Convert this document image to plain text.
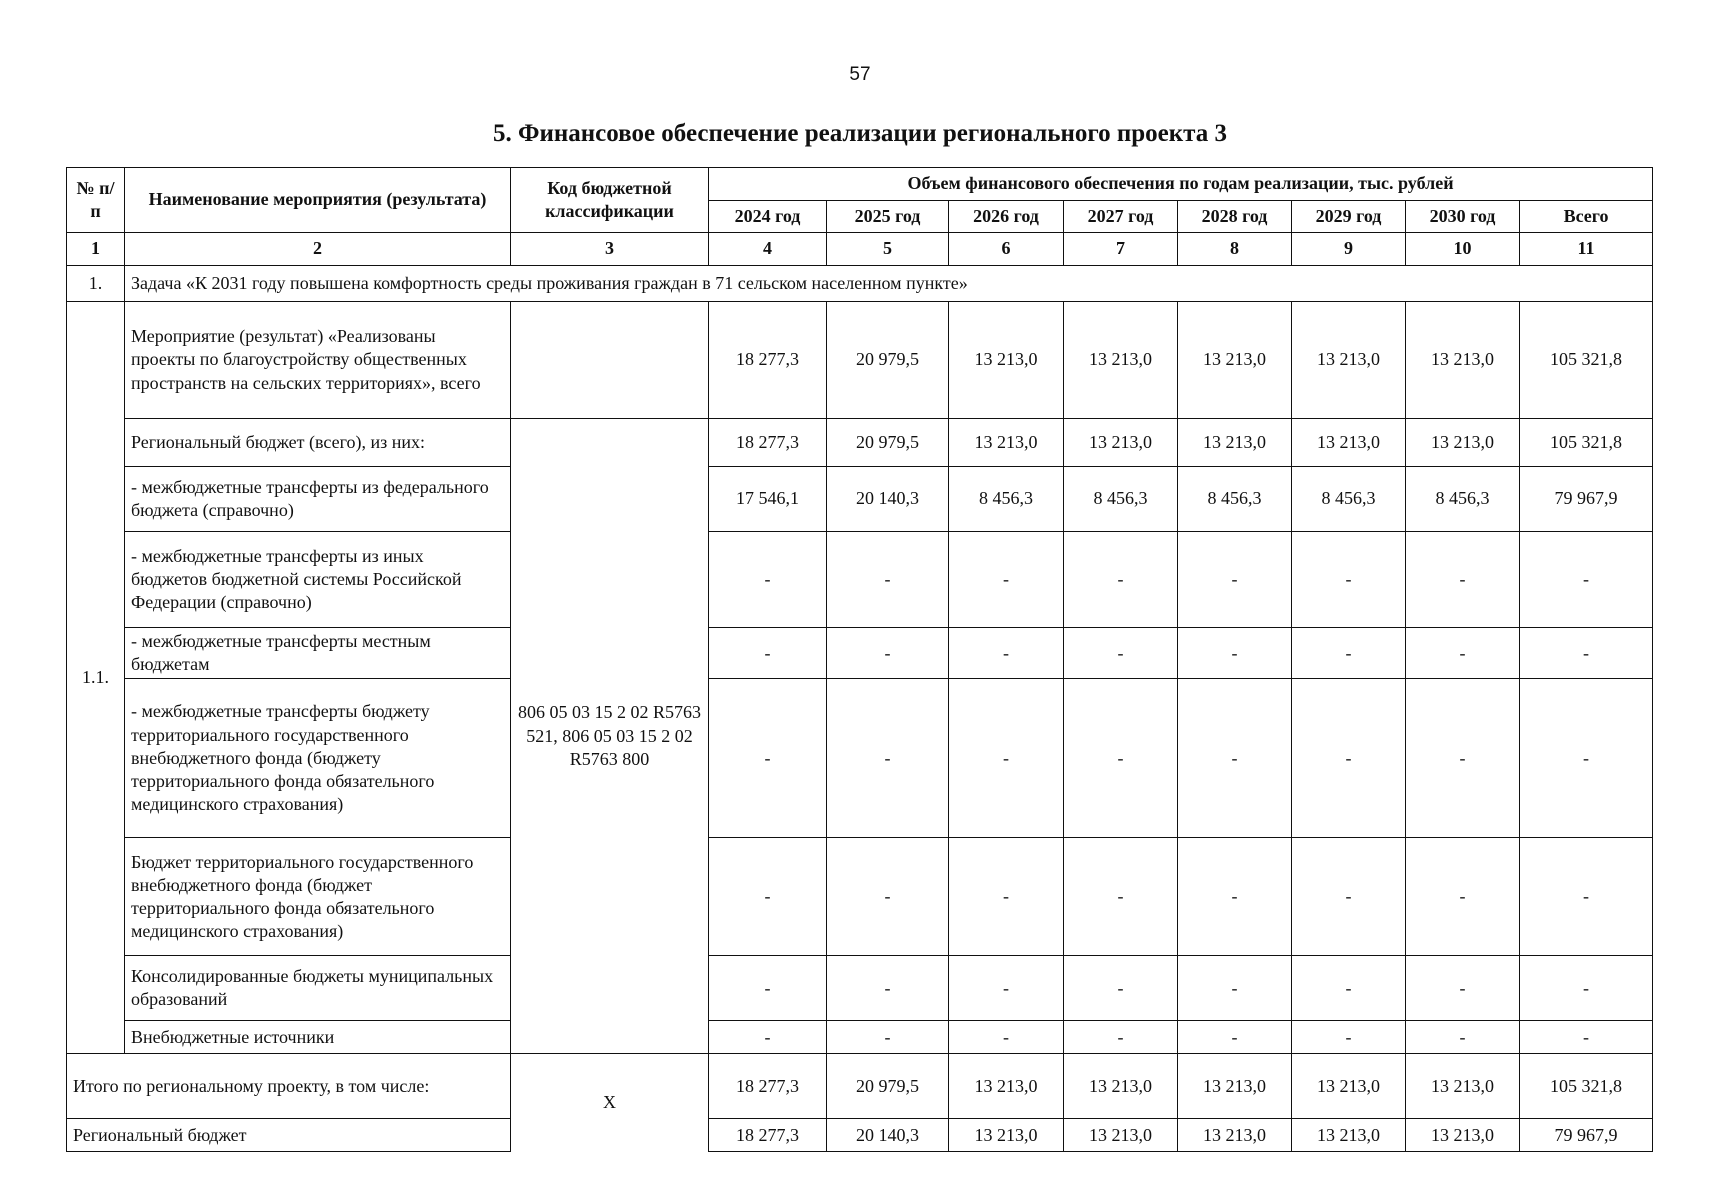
57
5. Финансовое обеспечение реализации регионального проекта 3
№ п/п	Наименование мероприятия (результата)	Код бюджетной классификации	Объем финансового обеспечения по годам реализации, тыс. рублей							
			2024 год	2025 год	2026 год	2027 год	2028 год	2029 год	2030 год	Всего
1	2	3	4	5	6	7	8	9	10	11
1.	Задача «К 2031 году повышена комфортность среды проживания граждан в 71 сельском населенном пункте»									
1.1.	Мероприятие (результат) «Реализованы проекты по благоустройству общественных пространств на сельских территориях», всего		18 277,3	20 979,5	13 213,0	13 213,0	13 213,0	13 213,0	13 213,0	105 321,8
	Региональный бюджет (всего), из них:	806 05 03 15 2 02 R5763 521, 806 05 03 15 2 02 R5763 800	18 277,3	20 979,5	13 213,0	13 213,0	13 213,0	13 213,0	13 213,0	105 321,8
	- межбюджетные трансферты из федерального бюджета (справочно)		17 546,1	20 140,3	8 456,3	8 456,3	8 456,3	8 456,3	8 456,3	79 967,9
	- межбюджетные трансферты из иных бюджетов бюджетной системы Российской Федерации (справочно)		-	-	-	-	-	-	-	-
	- межбюджетные трансферты местным бюджетам		-	-	-	-	-	-	-	-
	- межбюджетные трансферты бюджету территориального государственного внебюджетного фонда (бюджету территориального фонда обязательного медицинского страхования)		-	-	-	-	-	-	-	-
	Бюджет территориального государственного внебюджетного фонда (бюджет территориального фонда обязательного медицинского страхования)		-	-	-	-	-	-	-	-
	Консолидированные бюджеты муниципальных образований		-	-	-	-	-	-	-	-
	Внебюджетные источники		-	-	-	-	-	-	-	-
Итого по региональному проекту, в том числе:		Х	18 277,3	20 979,5	13 213,0	13 213,0	13 213,0	13 213,0	13 213,0	105 321,8
Региональный бюджет			18 277,3	20 140,3	13 213,0	13 213,0	13 213,0	13 213,0	13 213,0	79 967,9
